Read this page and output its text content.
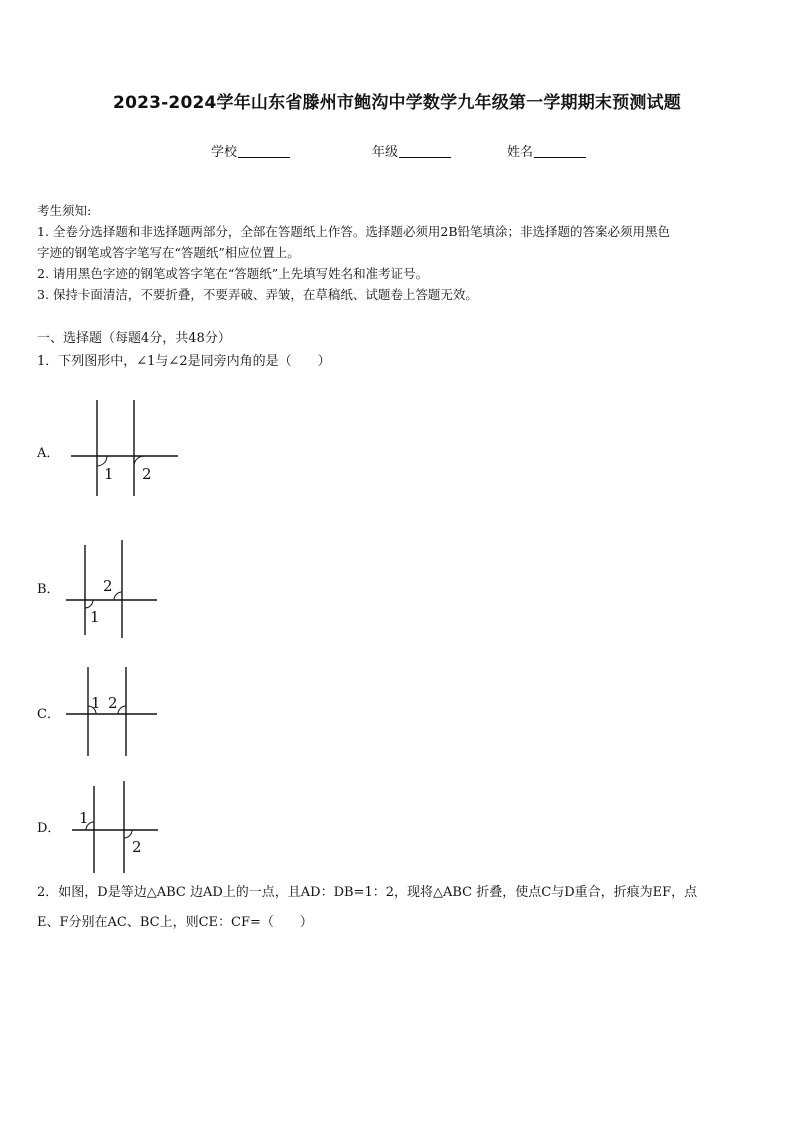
2023-2024学年山东省滕州市鲍沟中学数学九年级第一学期期末预测试题
学校	年级	姓名

考生须知:

1. 全卷分选择题和非选择题两部分，全部在答题纸上作答。选择题必须用2B铅笔填涂；非选择题的答案必须用黑色

字迹的钢笔或答字笔写在“答题纸”相应位置上。

2. 请用黑色字迹的钢笔或答字笔在“答题纸”上先填写姓名和准考证号。

3. 保持卡面清洁，不要折叠，不要弄破、弄皱，在草稿纸、试题卷上答题无效。

一、选择题（每题4分，共48分）
1．下列图形中，∠1与∠2是同旁内角的是（　　）
A．
1 2
B．
1
2
C．
1 2
D．
1
2
2．如图，D是等边△ABC 边AD上的一点，且AD：DB=1：2，现将△ABC 折叠，使点C与D重合，折痕为EF，点
E、F分别在AC、BC上，则CE：CF=（　　）
